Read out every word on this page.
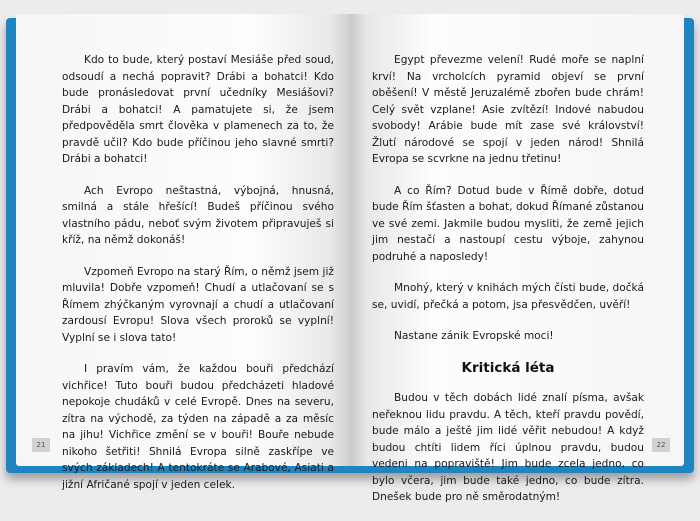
Kdo to bude, který postaví Mesiáše před soud, odsoudí a nechá popravit? Drábi a bohatci! Kdo bude pronásledovat první učedníky Mesiášovi? Drábi a bohatci! A pamatujete si, že jsem předpověděla smrt člověka v plamenech za to, že pravdě učil? Kdo bude příčinou jeho slavné smrti? Drábi a bohatci!

Ach Evropo neštastná, výbojná, hnusná, smilná a stále hřešící! Budeš příčinou svého vlastního pádu, neboť svým životem připravuješ si kříž, na němž dokonáš!

Vzpomeň Evropo na starý Řím, o němž jsem již mluvila! Dobře vzpomeň! Chudí a utlačovaní se s Římem zhýčkaným vyrovnají a chudí a utlačovaní zardousí Evropu! Slova všech proroků se vyplní! Vyplní se i slova tato!

I pravím vám, že každou bouři předchází vichřice! Tuto bouři budou předcházeti hladové nepokoje chudáků v celé Evropě. Dnes na severu, zítra na východě, za týden na západě a za měsíc na jihu! Vichřice změní se v bouři! Bouře nebude nikoho šetřiti! Shnilá Evropa silně zaskřípe ve svých základech! A tentokráte se Arabové, Asiati a jižní Afričané spojí v jeden celek.

21

Egypt převezme velení! Rudé moře se naplní krví! Na vrcholcích pyramid objeví se první oběšení! V městě Jeruzalémě zbořen bude chrám! Celý svět vzplane! Asie zvítězí! Indové nabudou svobody! Arábie bude mít zase své království! Žlutí národové se spojí v jeden národ! Shnilá Evropa se scvrkne na jednu třetinu!

A co Řím? Dotud bude v Římě dobře, dotud bude Řím šťasten a bohat, dokud Římané zůstanou ve své zemi. Jakmile budou mysliti, že země jejich jim nestačí a nastoupí cestu výboje, zahynou podruhé a naposledy!

Mnohý, který v knihách mých čísti bude, dočká se, uvidí, přečká a potom, jsa přesvědčen, uvěří!

Nastane zánik Evropské moci!

Kritická léta

Budou v těch dobách lidé znalí písma, avšak neřeknou lidu pravdu. A těch, kteří pravdu povědí, bude málo a ještě jim lidé věřit nebudou! A když budou chtíti lidem říci úplnou pravdu, budou vedeni na popraviště! Jim bude zcela jedno, co bylo včera, jim bude také jedno, co bude zítra. Dnešek bude pro ně směrodatným!

22
